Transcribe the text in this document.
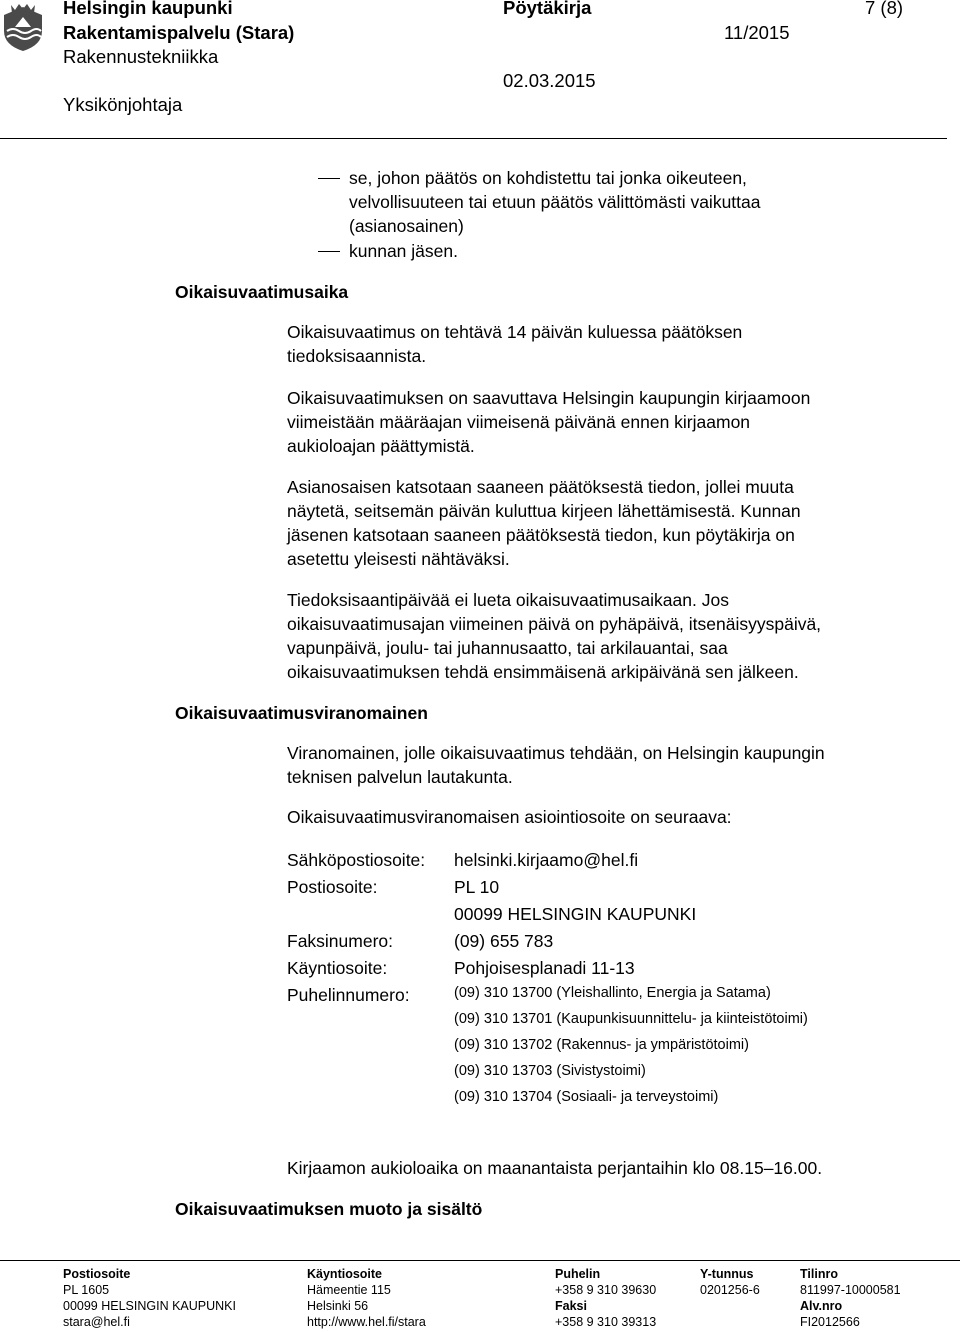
Helsingin kaupunki
Rakentamispalvelu (Stara)
Rakennustekniikka
Yksikönjohtaja
Pöytäkirja
11/2015
02.03.2015
7 (8)
se, johon päätös on kohdistettu tai jonka oikeuteen,
velvollisuuteen tai etuun päätös välittömästi vaikuttaa
(asianosainen)
kunnan jäsen.
Oikaisuvaatimusaika

Oikaisuvaatimus on tehtävä 14 päivän kuluessa päätöksen

tiedoksisaannista.

Oikaisuvaatimuksen on saavuttava Helsingin kaupungin kirjaamoon

viimeistään määräajan viimeisenä päivänä ennen kirjaamon

aukioloajan päättymistä.

Asianosaisen katsotaan saaneen päätöksestä tiedon, jollei muuta

näytetä, seitsemän päivän kuluttua kirjeen lähettämisestä. Kunnan

jäsenen katsotaan saaneen päätöksestä tiedon, kun pöytäkirja on

asetettu yleisesti nähtäväksi.

Tiedoksisaantipäivää ei lueta oikaisuvaatimusaikaan. Jos

oikaisuvaatimusajan viimeinen päivä on pyhäpäivä, itsenäisyyspäivä,

vapunpäivä, joulu- tai juhannusaatto, tai arkilauantai, saa

oikaisuvaatimuksen tehdä ensimmäisenä arkipäivänä sen jälkeen.

Oikaisuvaatimusviranomainen

Viranomainen, jolle oikaisuvaatimus tehdään, on Helsingin kaupungin

teknisen palvelun lautakunta.

Oikaisuvaatimusviranomaisen asiointiosoite on seuraava:

Sähköpostiosoite: helsinki.kirjaamo@hel.fi
Postiosoite:	PL 10
00099 HELSINGIN KAUPUNKI
Faksinumero:	(09) 655 783
Käyntiosoite:	Pohjoisesplanadi 11-13
Puhelinnumero:	(09) 310 13700 (Yleishallinto, Energia ja Satama)
(09) 310 13701 (Kaupunkisuunnittelu- ja kiinteistötoimi)
(09) 310 13702 (Rakennus- ja ympäristötoimi)
(09) 310 13703 (Sivistystoimi)
(09) 310 13704 (Sosiaali- ja terveystoimi)

Kirjaamon aukioloaika on maanantaista perjantaihin klo 08.15–16.00.

Oikaisuvaatimuksen muoto ja sisältö
Postiosoite
PL 1605
00099 HELSINGIN KAUPUNKI
stara@hel.fi
Käyntiosoite
Hämeentie 115
Helsinki 56
http://www.hel.fi/stara
Puhelin
+358 9 310 39630
Faksi
+358 9 310 39313
Y-tunnus
0201256-6
Tilinro
811997-10000581
Alv.nro
FI2012566
